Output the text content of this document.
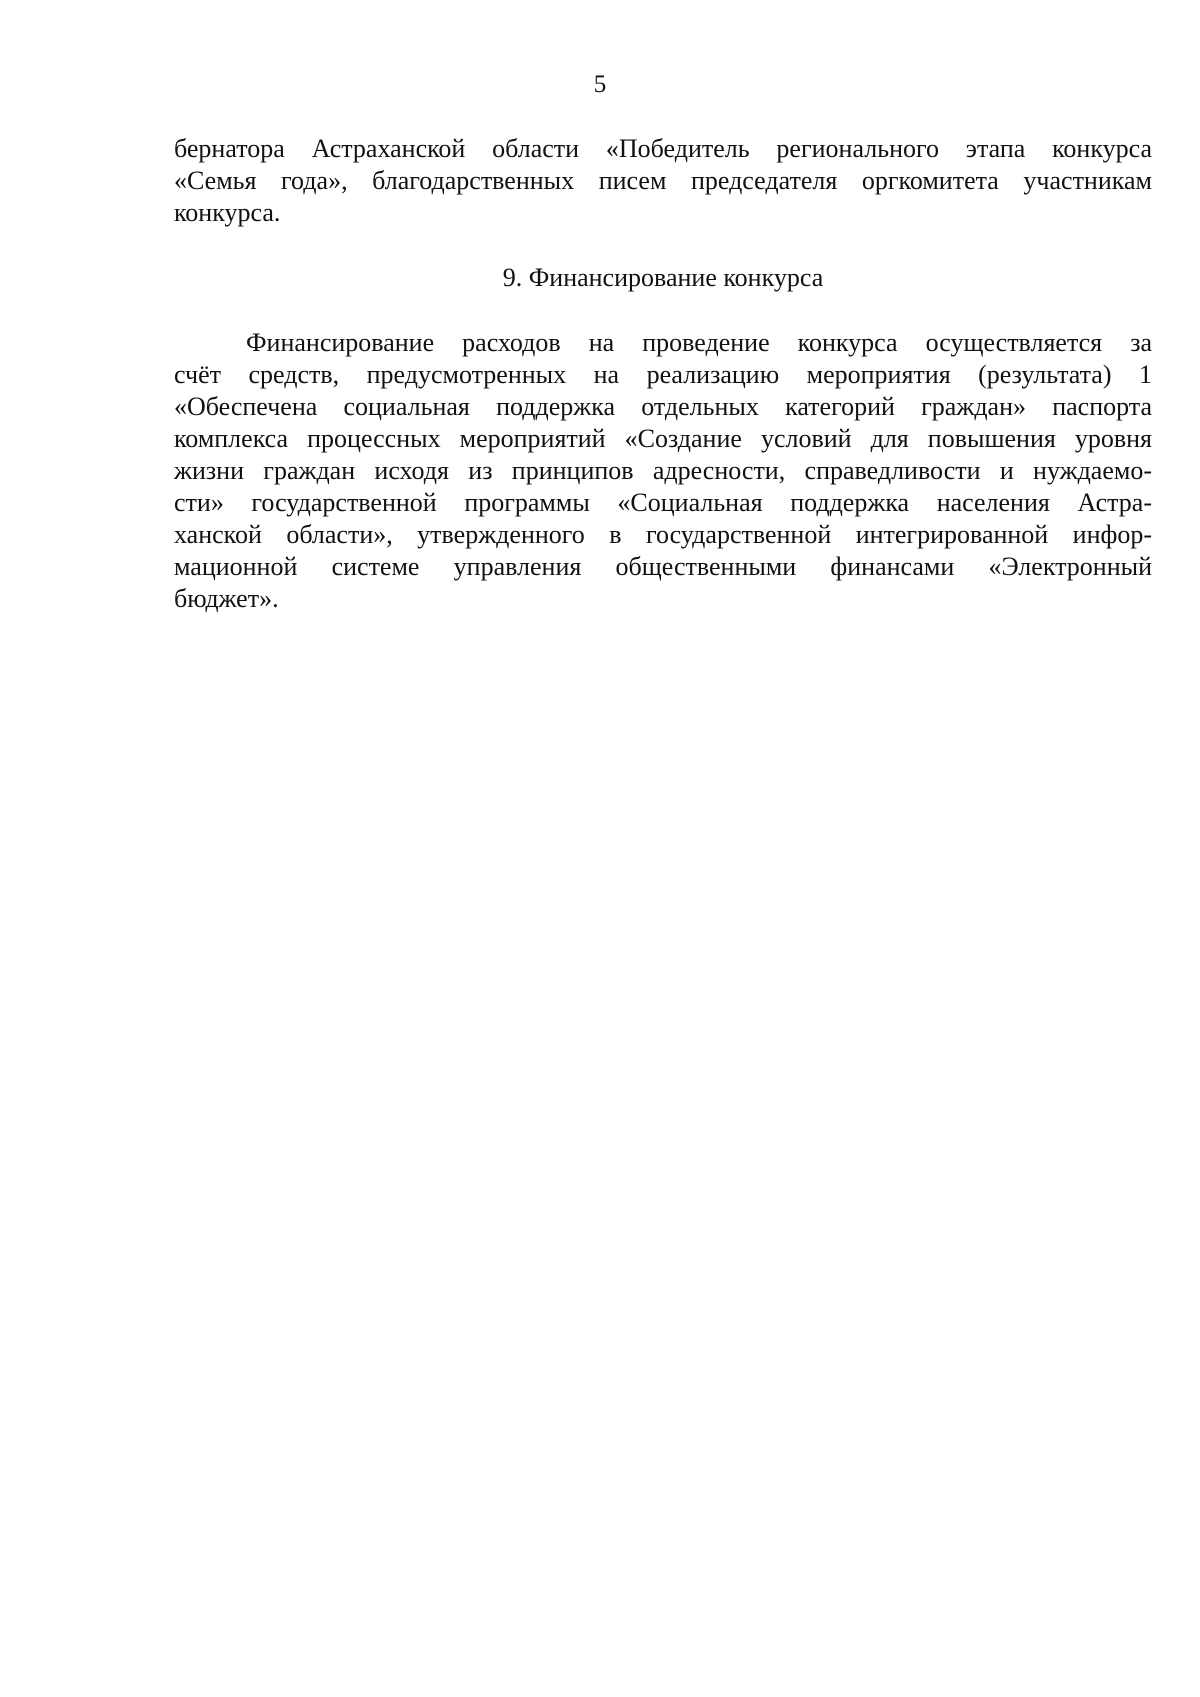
5
бернатора Астраханской области «Победитель регионального этапа конкурса
«Семья года», благодарственных писем председателя оргкомитета участникам
конкурса.
9. Финансирование конкурса
Финансирование расходов на проведение конкурса осуществляется за
счёт средств, предусмотренных на реализацию мероприятия (результата) 1
«Обеспечена социальная поддержка отдельных категорий граждан» паспорта
комплекса процессных мероприятий «Создание условий для повышения уровня
жизни граждан исходя из принципов адресности, справедливости и нуждаемо-
сти» государственной программы «Социальная поддержка населения Астра-
ханской области», утвержденного в государственной интегрированной инфор-
мационной системе управления общественными финансами «Электронный
бюджет».
